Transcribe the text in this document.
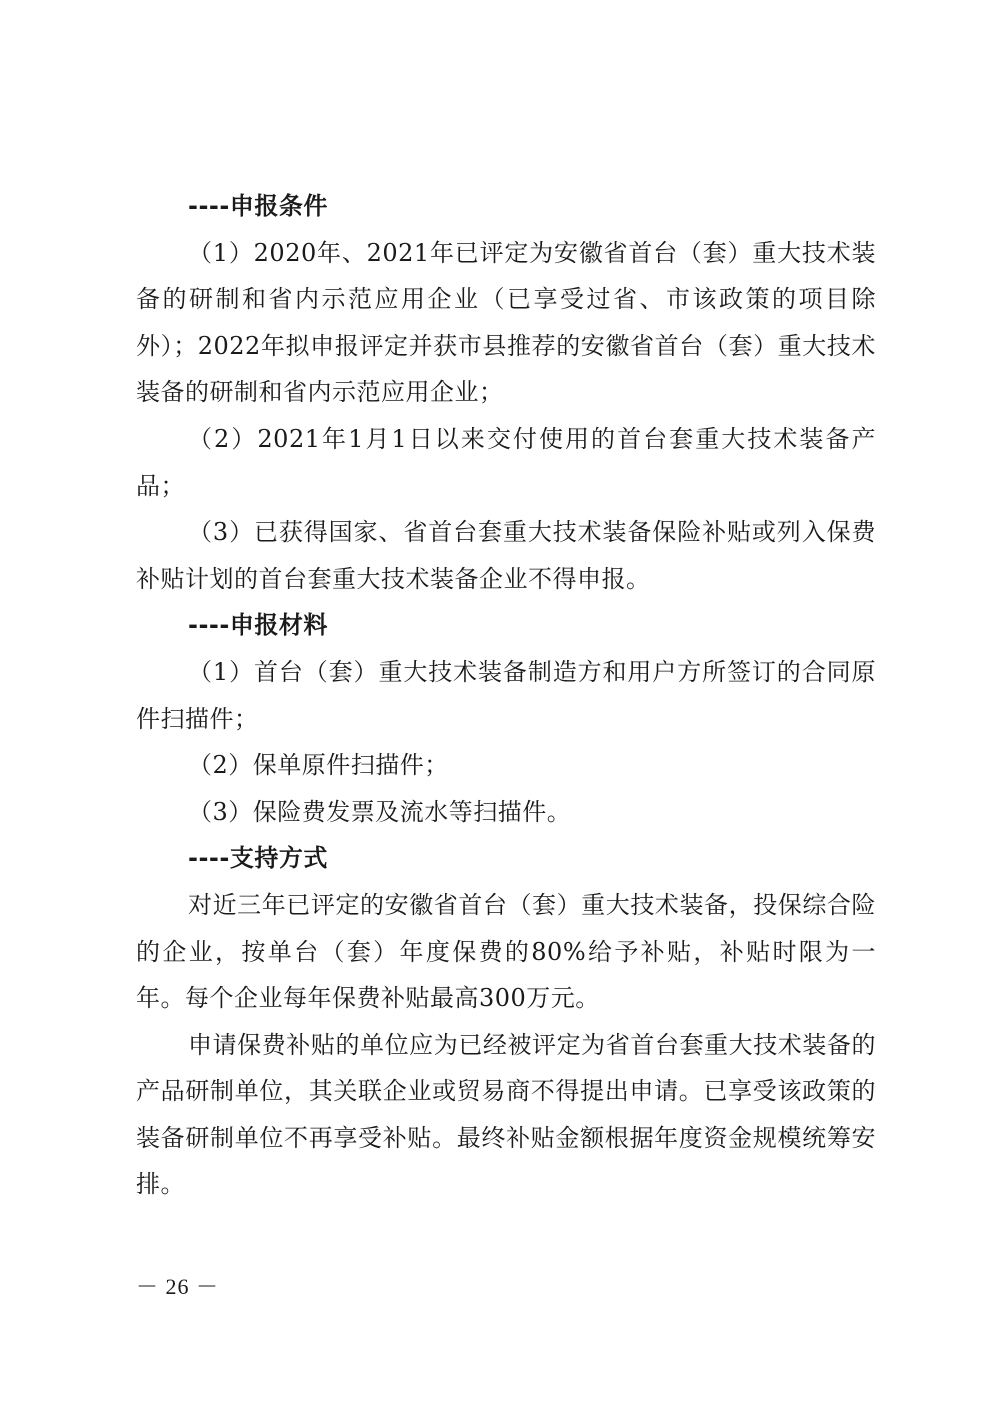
----申报条件

（1）2020年、2021年已评定为安徽省首台（套）重大技术装备的研制和省内示范应用企业（已享受过省、市该政策的项目除外）；2022年拟申报评定并获市县推荐的安徽省首台（套）重大技术装备的研制和省内示范应用企业；

（2）2021年1月1日以来交付使用的首台套重大技术装备产品；

（3）已获得国家、省首台套重大技术装备保险补贴或列入保费补贴计划的首台套重大技术装备企业不得申报。

----申报材料

（1）首台（套）重大技术装备制造方和用户方所签订的合同原件扫描件；

（2）保单原件扫描件；

（3）保险费发票及流水等扫描件。

----支持方式

对近三年已评定的安徽省首台（套）重大技术装备，投保综合险的企业，按单台（套）年度保费的80%给予补贴，补贴时限为一年。每个企业每年保费补贴最高300万元。

申请保费补贴的单位应为已经被评定为省首台套重大技术装备的产品研制单位，其关联企业或贸易商不得提出申请。已享受该政策的装备研制单位不再享受补贴。最终补贴金额根据年度资金规模统筹安排。

－ 26 －
